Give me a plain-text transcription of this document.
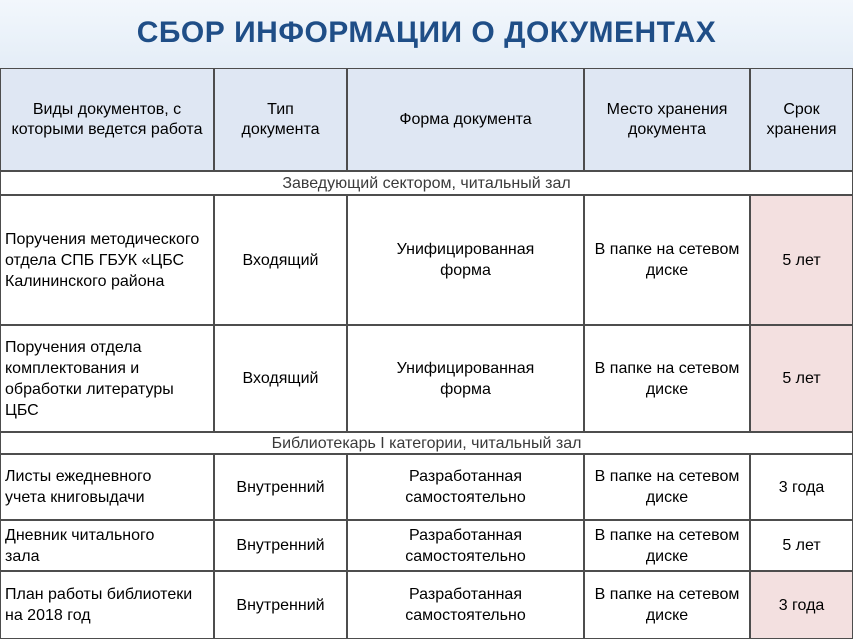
СБОР ИНФОРМАЦИИ О ДОКУМЕНТАХ
Виды документов, с которыми ведется работа
Тип документа
Форма документа
Место хранения документа
Срок хранения
Заведующий сектором, читальный зал
Поручения методического отдела СПБ ГБУК «ЦБС Калининского района
Входящий
Унифицированная форма
В папке на сетевом диске
5 лет
Поручения отдела комплектования и обработки литературы ЦБС
Входящий
Унифицированная форма
В папке на сетевом диске
5 лет
Библиотекарь I категории, читальный зал
Листы ежедневного учета книговыдачи
Внутренний
Разработанная самостоятельно
В папке на сетевом диске
3 года
Дневник читального зала
Внутренний
Разработанная самостоятельно
В папке на сетевом диске
5 лет
План работы библиотеки на 2018 год
Внутренний
Разработанная самостоятельно
В папке на сетевом диске
3 года
